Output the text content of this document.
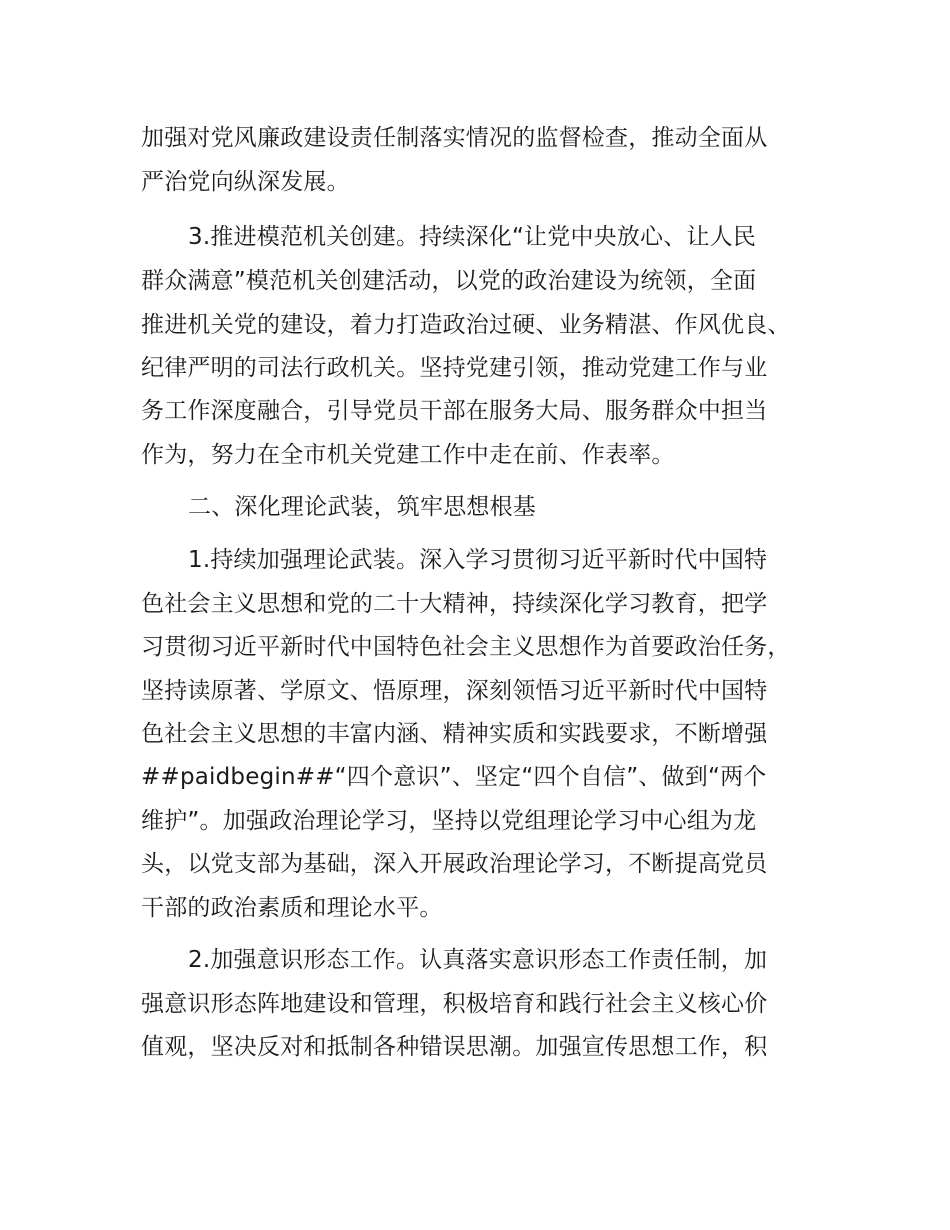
加强对党风廉政建设责任制落实情况的监督检查，推动全面从
严治党向纵深发展。
3.推进模范机关创建。持续深化“让党中央放心、让人民
群众满意”模范机关创建活动，以党的政治建设为统领，全面
推进机关党的建设，着力打造政治过硬、业务精湛、作风优良、
纪律严明的司法行政机关。坚持党建引领，推动党建工作与业
务工作深度融合，引导党员干部在服务大局、服务群众中担当
作为，努力在全市机关党建工作中走在前、作表率。
二、深化理论武装，筑牢思想根基
1.持续加强理论武装。深入学习贯彻习近平新时代中国特
色社会主义思想和党的二十大精神，持续深化学习教育，把学
习贯彻习近平新时代中国特色社会主义思想作为首要政治任务，
坚持读原著、学原文、悟原理，深刻领悟习近平新时代中国特
色社会主义思想的丰富内涵、精神实质和实践要求，不断增强
##paidbegin##“四个意识”、坚定“四个自信”、做到“两个
维护”。加强政治理论学习，坚持以党组理论学习中心组为龙
头，以党支部为基础，深入开展政治理论学习，不断提高党员
干部的政治素质和理论水平。
2.加强意识形态工作。认真落实意识形态工作责任制，加
强意识形态阵地建设和管理，积极培育和践行社会主义核心价
值观，坚决反对和抵制各种错误思潮。加强宣传思想工作，积
